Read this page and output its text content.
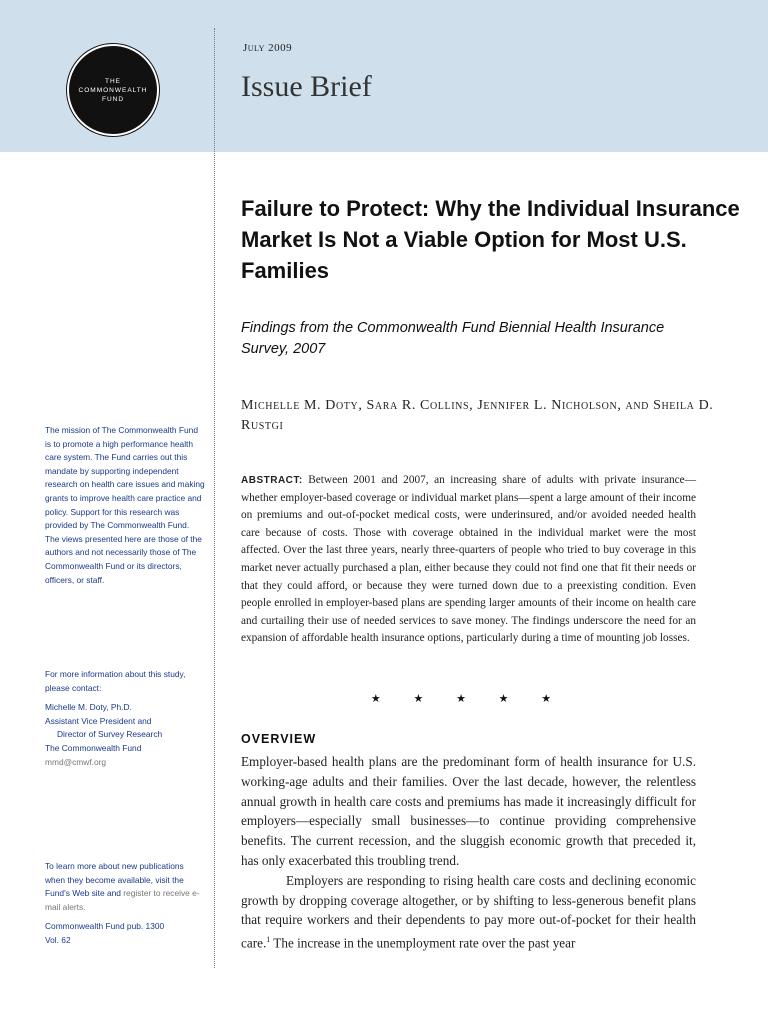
THE
COMMONWEALTH
FUND
July 2009
Issue Brief
Failure to Protect: Why the Individual Insurance Market Is Not a Viable Option for Most U.S. Families
Findings from the Commonwealth Fund Biennial Health Insurance Survey, 2007
Michelle M. Doty, Sara R. Collins, Jennifer L. Nicholson, and Sheila D. Rustgi

ABSTRACT: Between 2001 and 2007, an increasing share of adults with private insurance—whether employer-based coverage or individual market plans—spent a large amount of their income on premiums and out-of-pocket medical costs, were underinsured, and/or avoided needed health care because of costs. Those with coverage obtained in the individual market were the most affected. Over the last three years, nearly three-quarters of people who tried to buy coverage in this market never actually purchased a plan, either because they could not find one that fit their needs or that they could afford, or because they were turned down due to a preexisting condition. Even people enrolled in employer-based plans are spending larger amounts of their income on health care and curtailing their use of needed services to save money. The findings underscore the need for an expansion of affordable health insurance options, particularly during a time of mounting job losses.

★ ★ ★ ★ ★
OVERVIEW

Employer-based health plans are the predominant form of health insurance for U.S. working-age adults and their families. Over the last decade, however, the relentless annual growth in health care costs and premiums has made it increasingly difficult for employers—especially small businesses—to continue providing comprehensive benefits. The current recession, and the sluggish economic growth that preceded it, has only exacerbated this troubling trend.

Employers are responding to rising health care costs and declining economic growth by dropping coverage altogether, or by shifting to less-generous benefit plans that require workers and their dependents to pay more out-of-pocket for their health care.$^1$ The increase in the unemployment rate over the past year

The mission of The Commonwealth Fund is to promote a high performance health care system. The Fund carries out this mandate by supporting independent research on health care issues and making grants to improve health care practice and policy. Support for this research was provided by The Commonwealth Fund. The views presented here are those of the authors and not necessarily those of The Commonwealth Fund or its directors, officers, or staff.

For more information about this study, please contact:

Michelle M. Doty, Ph.D.

Assistant Vice President and

Director of Survey Research

The Commonwealth Fund

mmd@cmwf.org

To learn more about new publications when they become available, visit the Fund's Web site and register to receive e-mail alerts.

Commonwealth Fund pub. 1300

Vol. 62
